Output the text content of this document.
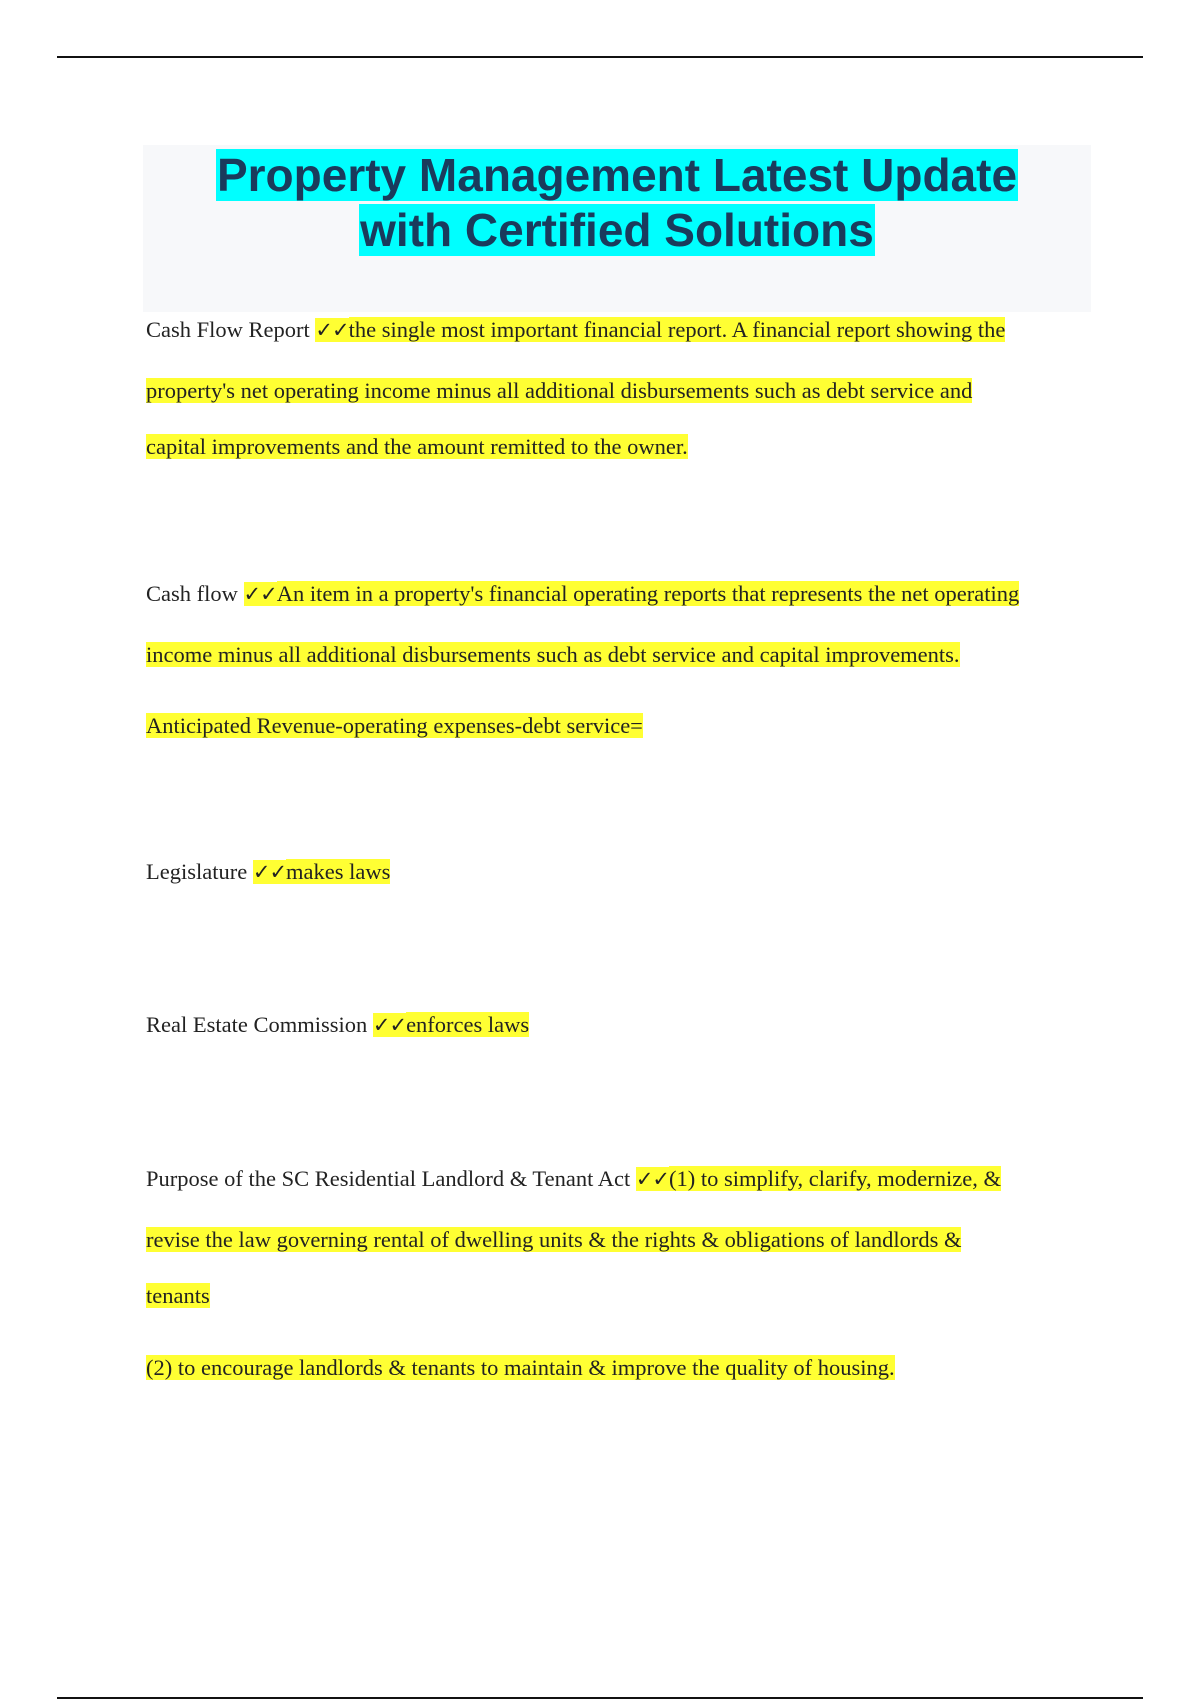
Property Management Latest Update
with Certified Solutions
Cash Flow Report ✓✓the single most important financial report. A financial report showing the
property's net operating income minus all additional disbursements such as debt service and
capital improvements and the amount remitted to the owner.
Cash flow ✓✓An item in a property's financial operating reports that represents the net operating
income minus all additional disbursements such as debt service and capital improvements.
Anticipated Revenue-operating expenses-debt service=
Legislature ✓✓makes laws
Real Estate Commission ✓✓enforces laws
Purpose of the SC Residential Landlord & Tenant Act ✓✓(1) to simplify, clarify, modernize, &
revise the law governing rental of dwelling units & the rights & obligations of landlords &
tenants
(2) to encourage landlords & tenants to maintain & improve the quality of housing.
